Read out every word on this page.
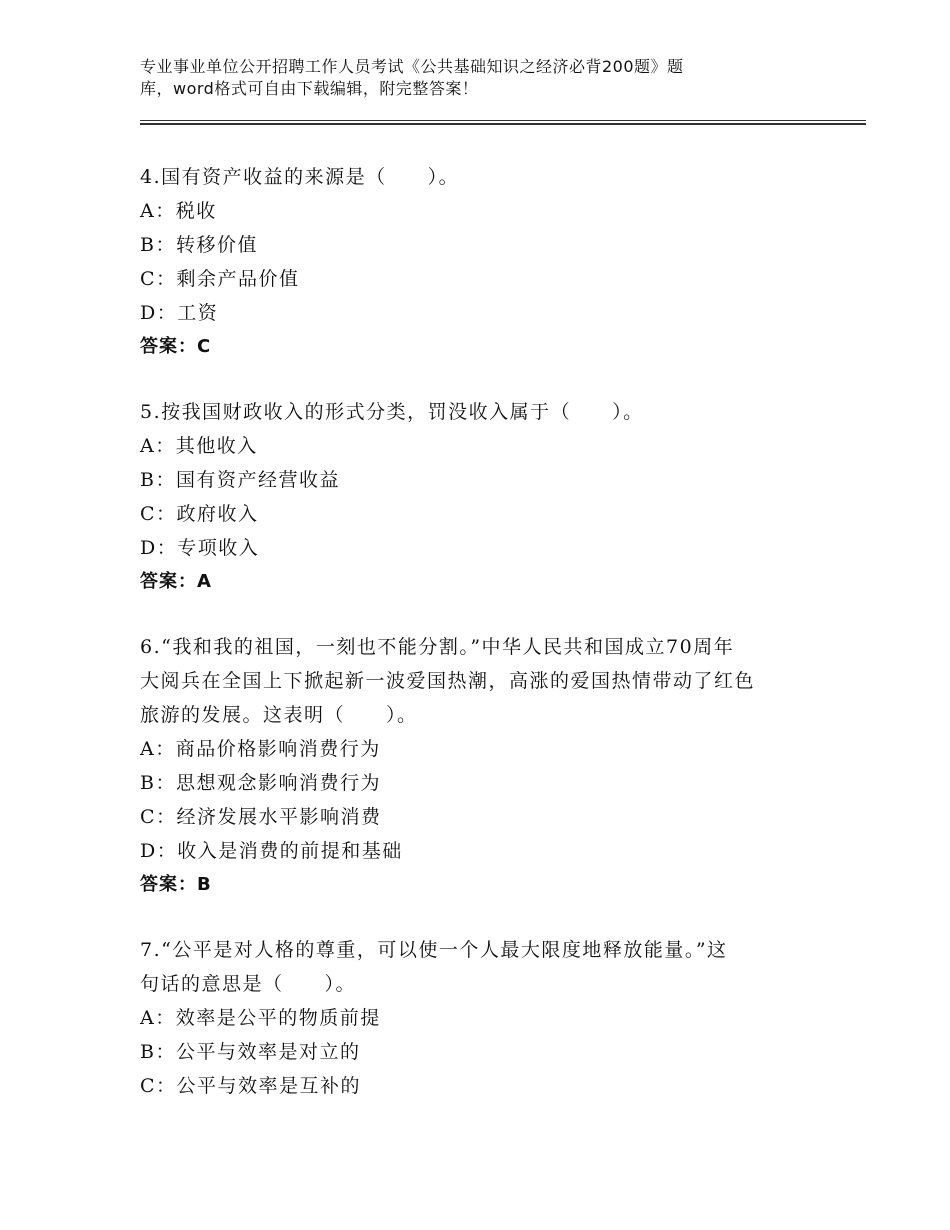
专业事业单位公开招聘工作人员考试《公共基础知识之经济必背200题》题
库，word格式可自由下载编辑，附完整答案！
4.国有资产收益的来源是（　　）。
A：税收
B：转移价值
C：剩余产品价值
D：工资
答案：C
5.按我国财政收入的形式分类，罚没收入属于（　　）。
A：其他收入
B：国有资产经营收益
C：政府收入
D：专项收入
答案：A
6.“我和我的祖国，一刻也不能分割。”中华人民共和国成立70周年
大阅兵在全国上下掀起新一波爱国热潮，高涨的爱国热情带动了红色
旅游的发展。这表明（　　）。
A：商品价格影响消费行为
B：思想观念影响消费行为
C：经济发展水平影响消费
D：收入是消费的前提和基础
答案：B
7.“公平是对人格的尊重，可以使一个人最大限度地释放能量。”这
句话的意思是（　　）。
A：效率是公平的物质前提
B：公平与效率是对立的
C：公平与效率是互补的
